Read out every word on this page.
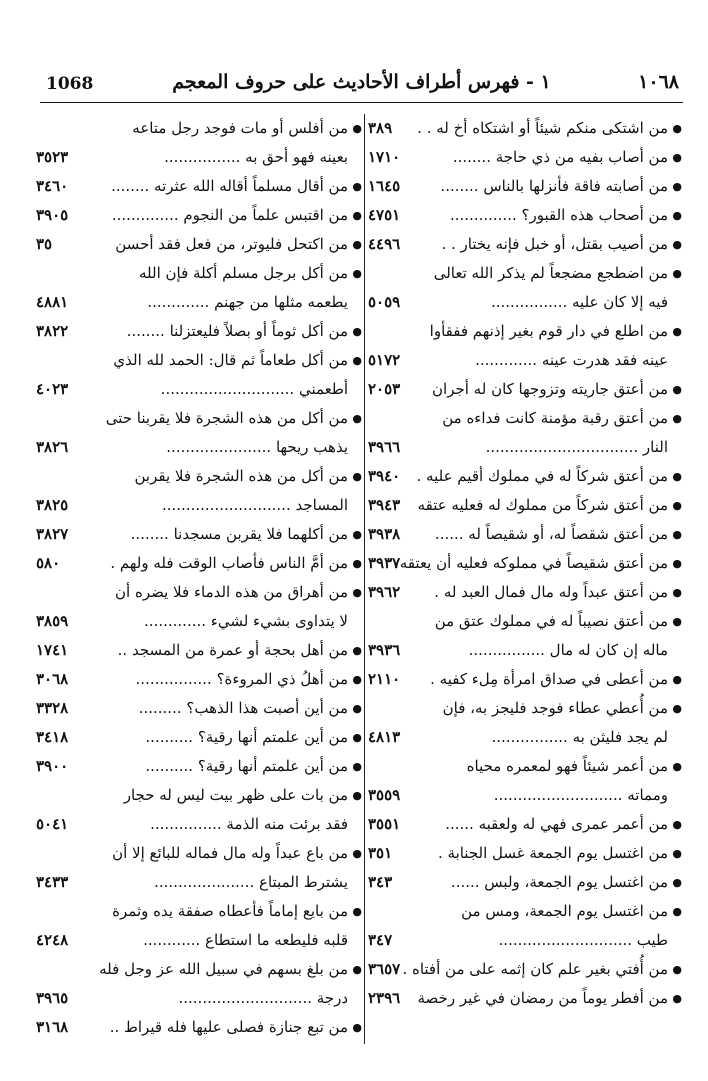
1068	١ - فهرس أطراف الأحاديث على حروف المعجم	١٠٦٨
● من اشتكى منكم شيئاً أو اشتكاه أخ له . .
٣٨٩
● من أصاب بفيه من ذي حاجة ........
١٧١٠
● من أصابته فاقة فأنزلها بالناس ........
١٦٤٥
● من أصحاب هذه القبور؟ ..............
٤٧٥١
● من أصيب بقتل، أو خبل فإنه يختار . .
٤٤٩٦
● من اضطجع مضجعاً لم يذكر الله تعالى
فيه إلا كان عليه ................
٥٠٥٩
● من اطلع في دار قوم بغير إذنهم ففقأوا
عينه فقد هدرت عينه .............
٥١٧٢
● من أعتق جاريته وتزوجها كان له أجران
٢٠٥٣
● من أعتق رقبة مؤمنة كانت فداءه من
النار ................................
٣٩٦٦
● من أعتق شركاً له في مملوك أقيم عليه .
٣٩٤٠
● من أعتق شركاً من مملوك له فعليه عتقه
٣٩٤٣
● من أعتق شقصاً له، أو شقيصاً له ......
٣٩٣٨
● من أعتق شقيصاً في مملوكه فعليه أن يعتقه
٣٩٣٧
● من أعتق عبداً وله مال فمال العبد له .
٣٩٦٢
● من أعتق نصيباً له في مملوك عتق من
ماله إن كان له مال ................
٣٩٣٦
● من أعطى في صداق امرأة مِلء كفيه .
٢١١٠
● من أُعطي عطاء فوجد فليجز به، فإن
لم يجد فليثن به ................
٤٨١٣
● من أعمر شيئاً فهو لمعمره محياه
ومماته ...........................
٣٥٥٩
● من أعمر عمرى فهي له ولعقبه ......
٣٥٥١
● من اغتسل يوم الجمعة غسل الجنابة .
٣٥١
● من اغتسل يوم الجمعة، ولبس ......
٣٤٣
● من اغتسل يوم الجمعة، ومس من
طيب ............................
٣٤٧
● من أُفتي بغير علم كان إثمه على من أفتاه .
٣٦٥٧
● من أفطر يوماً من رمضان في غير رخصة
٢٣٩٦
● من أفلس أو مات فوجد رجل متاعه
بعينه فهو أحق به ................
٣٥٢٣
● من أقال مسلماً أقاله الله عثرته ........
٣٤٦٠
● من اقتبس علماً من النجوم ..............
٣٩٠٥
● من اكتحل فليوتر، من فعل فقد أحسن
٣٥
● من أكل برجل مسلم أكلة فإن الله
يطعمه مثلها من جهنم .............
٤٨٨١
● من أكل ثوماً أو بصلاً فليعتزلنا ........
٣٨٢٢
● من أكل طعاماً ثم قال: الحمد لله الذي
أطعمني ............................
٤٠٢٣
● من أكل من هذه الشجرة فلا يقربنا حتى
يذهب ريحها ......................
٣٨٢٦
● من أكل من هذه الشجرة فلا يقربن
المساجد ...........................
٣٨٢٥
● من أكلهما فلا يقربن مسجدنا ........
٣٨٢٧
● من أمَّ الناس فأصاب الوقت فله ولهم .
٥٨٠
● من أهراق من هذه الدماء فلا يضره أن
لا يتداوى بشيء لشيء .............
٣٨٥٩
● من أهل بحجة أو عمرة من المسجد ..
١٧٤١
● من أهلُ ذي المروءة؟ ................
٣٠٦٨
● من أين أصبت هذا الذهب؟ .........
٣٣٢٨
● من أين علمتم أنها رقية؟ ..........
٣٤١٨
● من أين علمتم أنها رقية؟ ..........
٣٩٠٠
● من بات على ظهر بيت ليس له حجار
فقد برئت منه الذمة ...............
٥٠٤١
● من باع عبداً وله مال فماله للبائع إلا أن
يشترط المبتاع .....................
٣٤٣٣
● من بايع إماماً فأعطاه صفقة يده وثمرة
قلبه فليطعه ما استطاع ............
٤٢٤٨
● من بلغ بسهم في سبيل الله عز وجل فله
درجة ............................
٣٩٦٥
● من تبع جنازة فصلى عليها فله قيراط ..
٣١٦٨
